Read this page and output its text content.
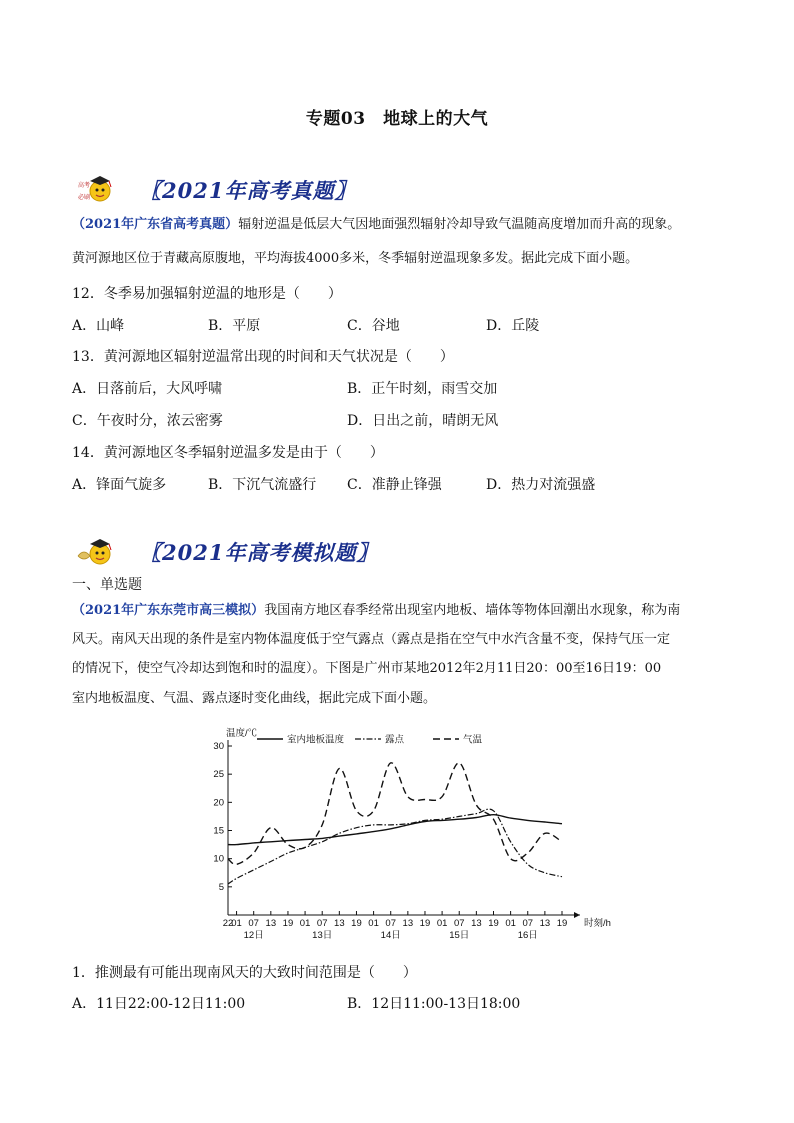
专题03　地球上的大气
高考
必刷 〖2021年高考真题〗
（2021年广东省高考真题）辐射逆温是低层大气因地面强烈辐射冷却导致气温随高度增加而升高的现象。
黄河源地区位于青藏高原腹地，平均海拔4000多米，冬季辐射逆温现象多发。据此完成下面小题。
12．冬季易加强辐射逆温的地形是（　　）
A．山峰	B．平原	C．谷地	D．丘陵
13．黄河源地区辐射逆温常出现的时间和天气状况是（　　）
A．日落前后，大风呼啸	B．正午时刻，雨雪交加
C．午夜时分，浓云密雾	D．日出之前，晴朗无风
14．黄河源地区冬季辐射逆温多发是由于（　　）
A．锋面气旋多	B．下沉气流盛行 C．准静止锋强	D．热力对流强盛
〖2021年高考模拟题〗
一、单选题
（2021年广东东莞市高三模拟）我国南方地区春季经常出现室内地板、墙体等物体回潮出水现象，称为南
风天。南风天出现的条件是室内物体温度低于空气露点（露点是指在空气中水汽含量不变，保持气压一定
的情况下，使空气冷却达到饱和时的温度）。下图是广州市某地2012年2月11日20：00至16日19：00
室内地板温度、气温、露点逐时变化曲线，据此完成下面小题。
5
10
15
20
25
30
温度/℃
22
01 07 13 19 01 07 13 19 01 07 13 19 01 07 13 19 01 07 13 19 时刻/h
12日	13日	14日	15日	16日
室内地板温度	露点	气温
1．推测最有可能出现南风天的大致时间范围是（　　）
A．11日22:00-12日11:00	B．12日11:00-13日18:00
